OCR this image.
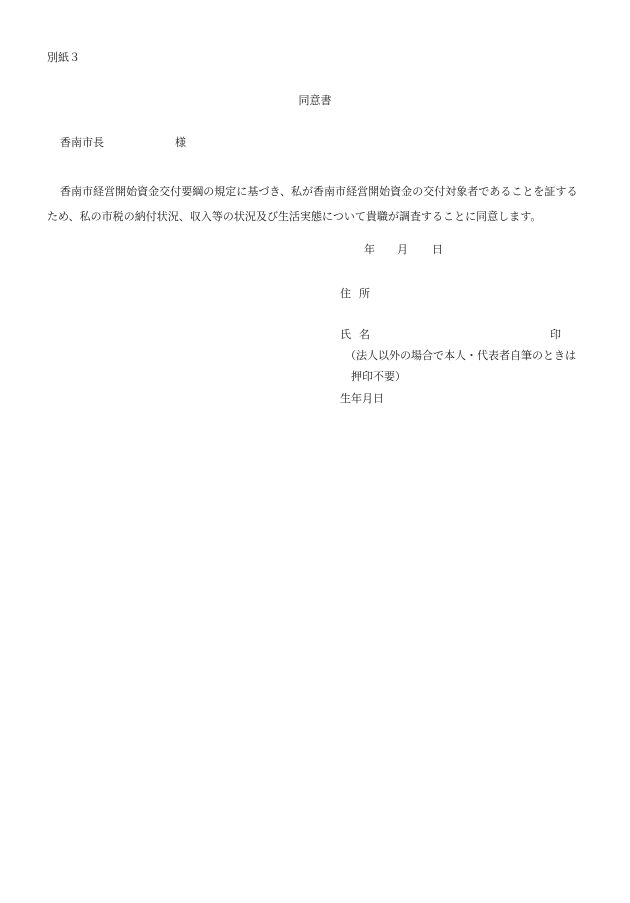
別紙３
同意書
香南市長	様
香南市経営開始資金交付要綱の規定に基づき、私が香南市経営開始資金の交付対象者であることを証するため、私の市税の納付状況、収入等の状況及び生活実態について貴職が調査することに同意します。
年 月 日
住所
氏名	印
（法人以外の場合で本人・代表者自筆のときは
押印不要）
生年月日
